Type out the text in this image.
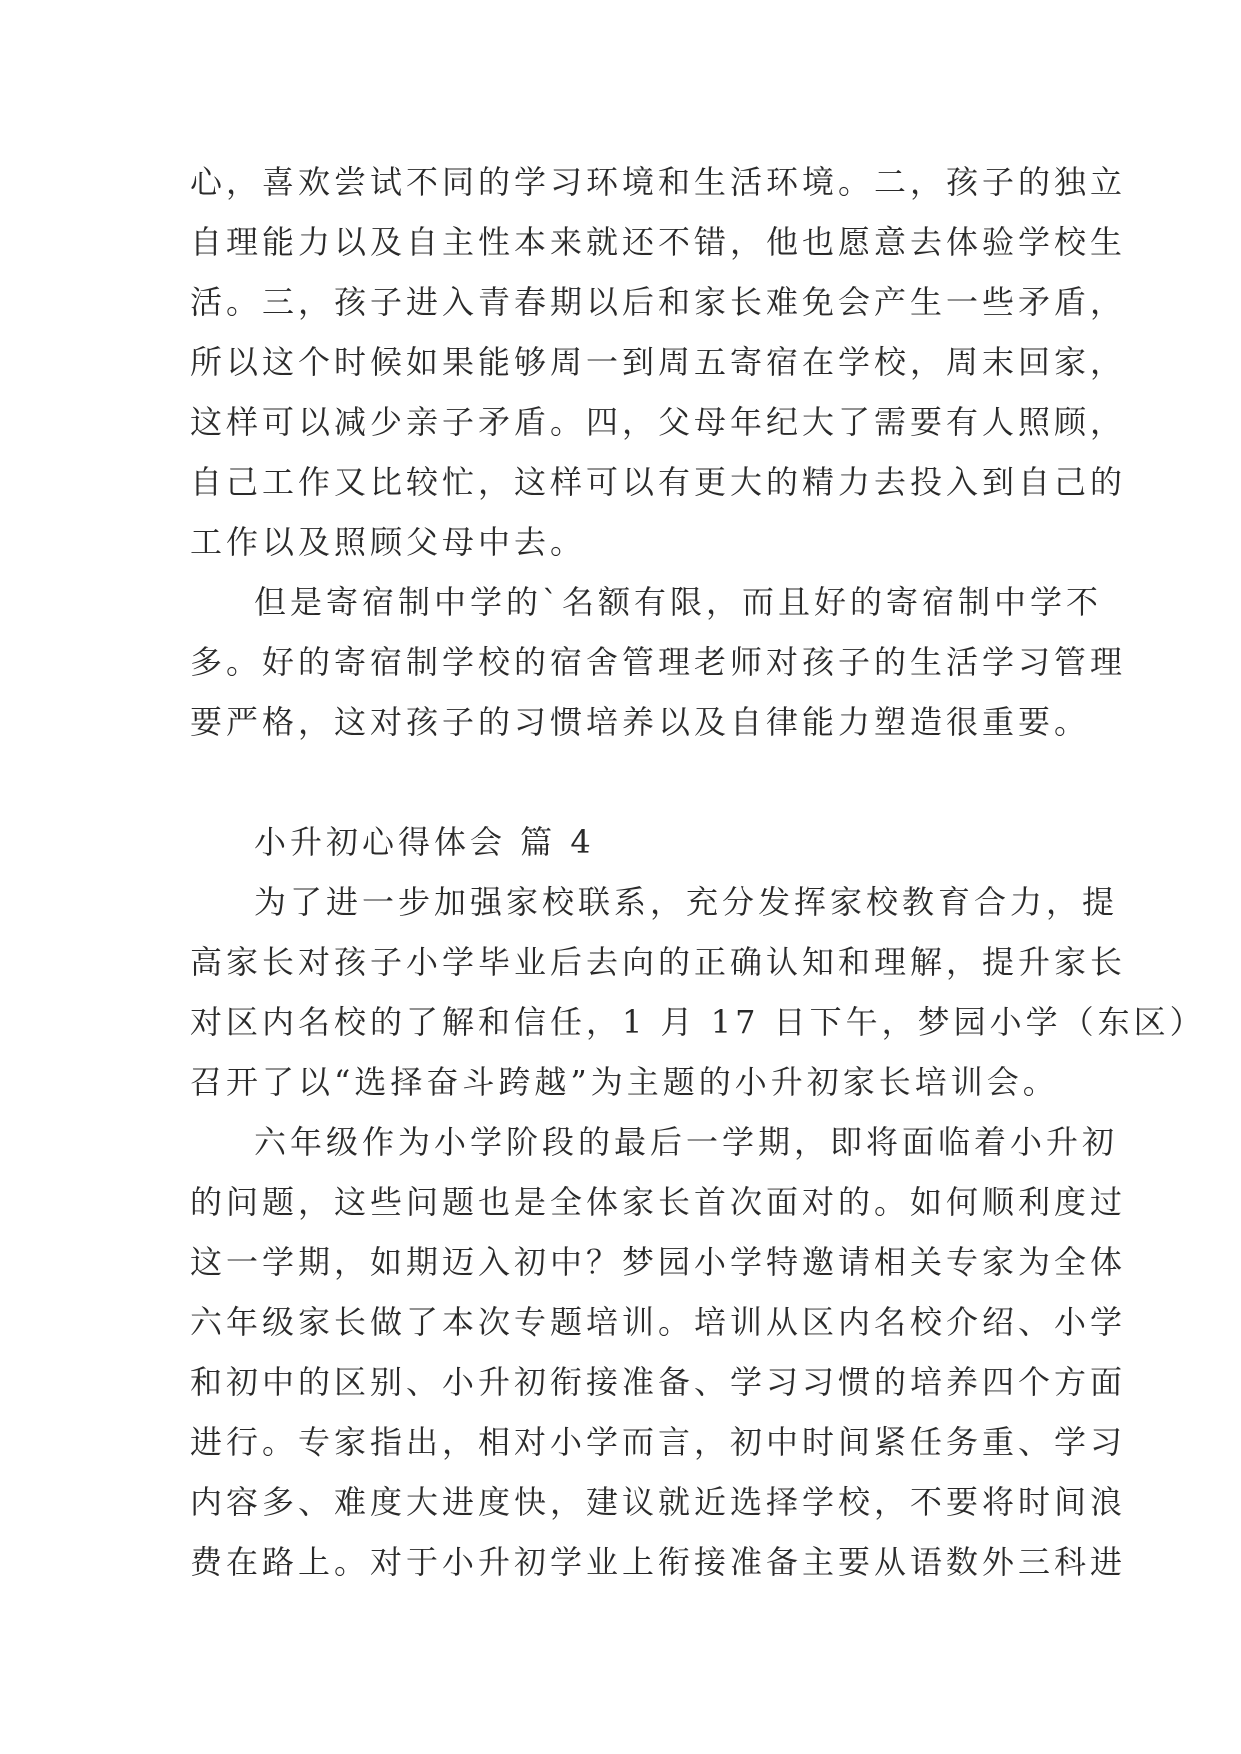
心，喜欢尝试不同的学习环境和生活环境。二，孩子的独立
自理能力以及自主性本来就还不错，他也愿意去体验学校生
活。三，孩子进入青春期以后和家长难免会产生一些矛盾，
所以这个时候如果能够周一到周五寄宿在学校，周末回家，
这样可以减少亲子矛盾。四，父母年纪大了需要有人照顾，
自己工作又比较忙，这样可以有更大的精力去投入到自己的
工作以及照顾父母中去。
但是寄宿制中学的`名额有限，而且好的寄宿制中学不
多。好的寄宿制学校的宿舍管理老师对孩子的生活学习管理
要严格，这对孩子的习惯培养以及自律能力塑造很重要。
小升初心得体会 篇 4
为了进一步加强家校联系，充分发挥家校教育合力，提
高家长对孩子小学毕业后去向的正确认知和理解，提升家长
对区内名校的了解和信任，1 月 17 日下午，梦园小学（东区）
召开了以“选择奋斗跨越”为主题的小升初家长培训会。
六年级作为小学阶段的最后一学期，即将面临着小升初
的问题，这些问题也是全体家长首次面对的。如何顺利度过
这一学期，如期迈入初中？梦园小学特邀请相关专家为全体
六年级家长做了本次专题培训。培训从区内名校介绍、小学
和初中的区别、小升初衔接准备、学习习惯的培养四个方面
进行。专家指出，相对小学而言，初中时间紧任务重、学习
内容多、难度大进度快，建议就近选择学校，不要将时间浪
费在路上。对于小升初学业上衔接准备主要从语数外三科进
